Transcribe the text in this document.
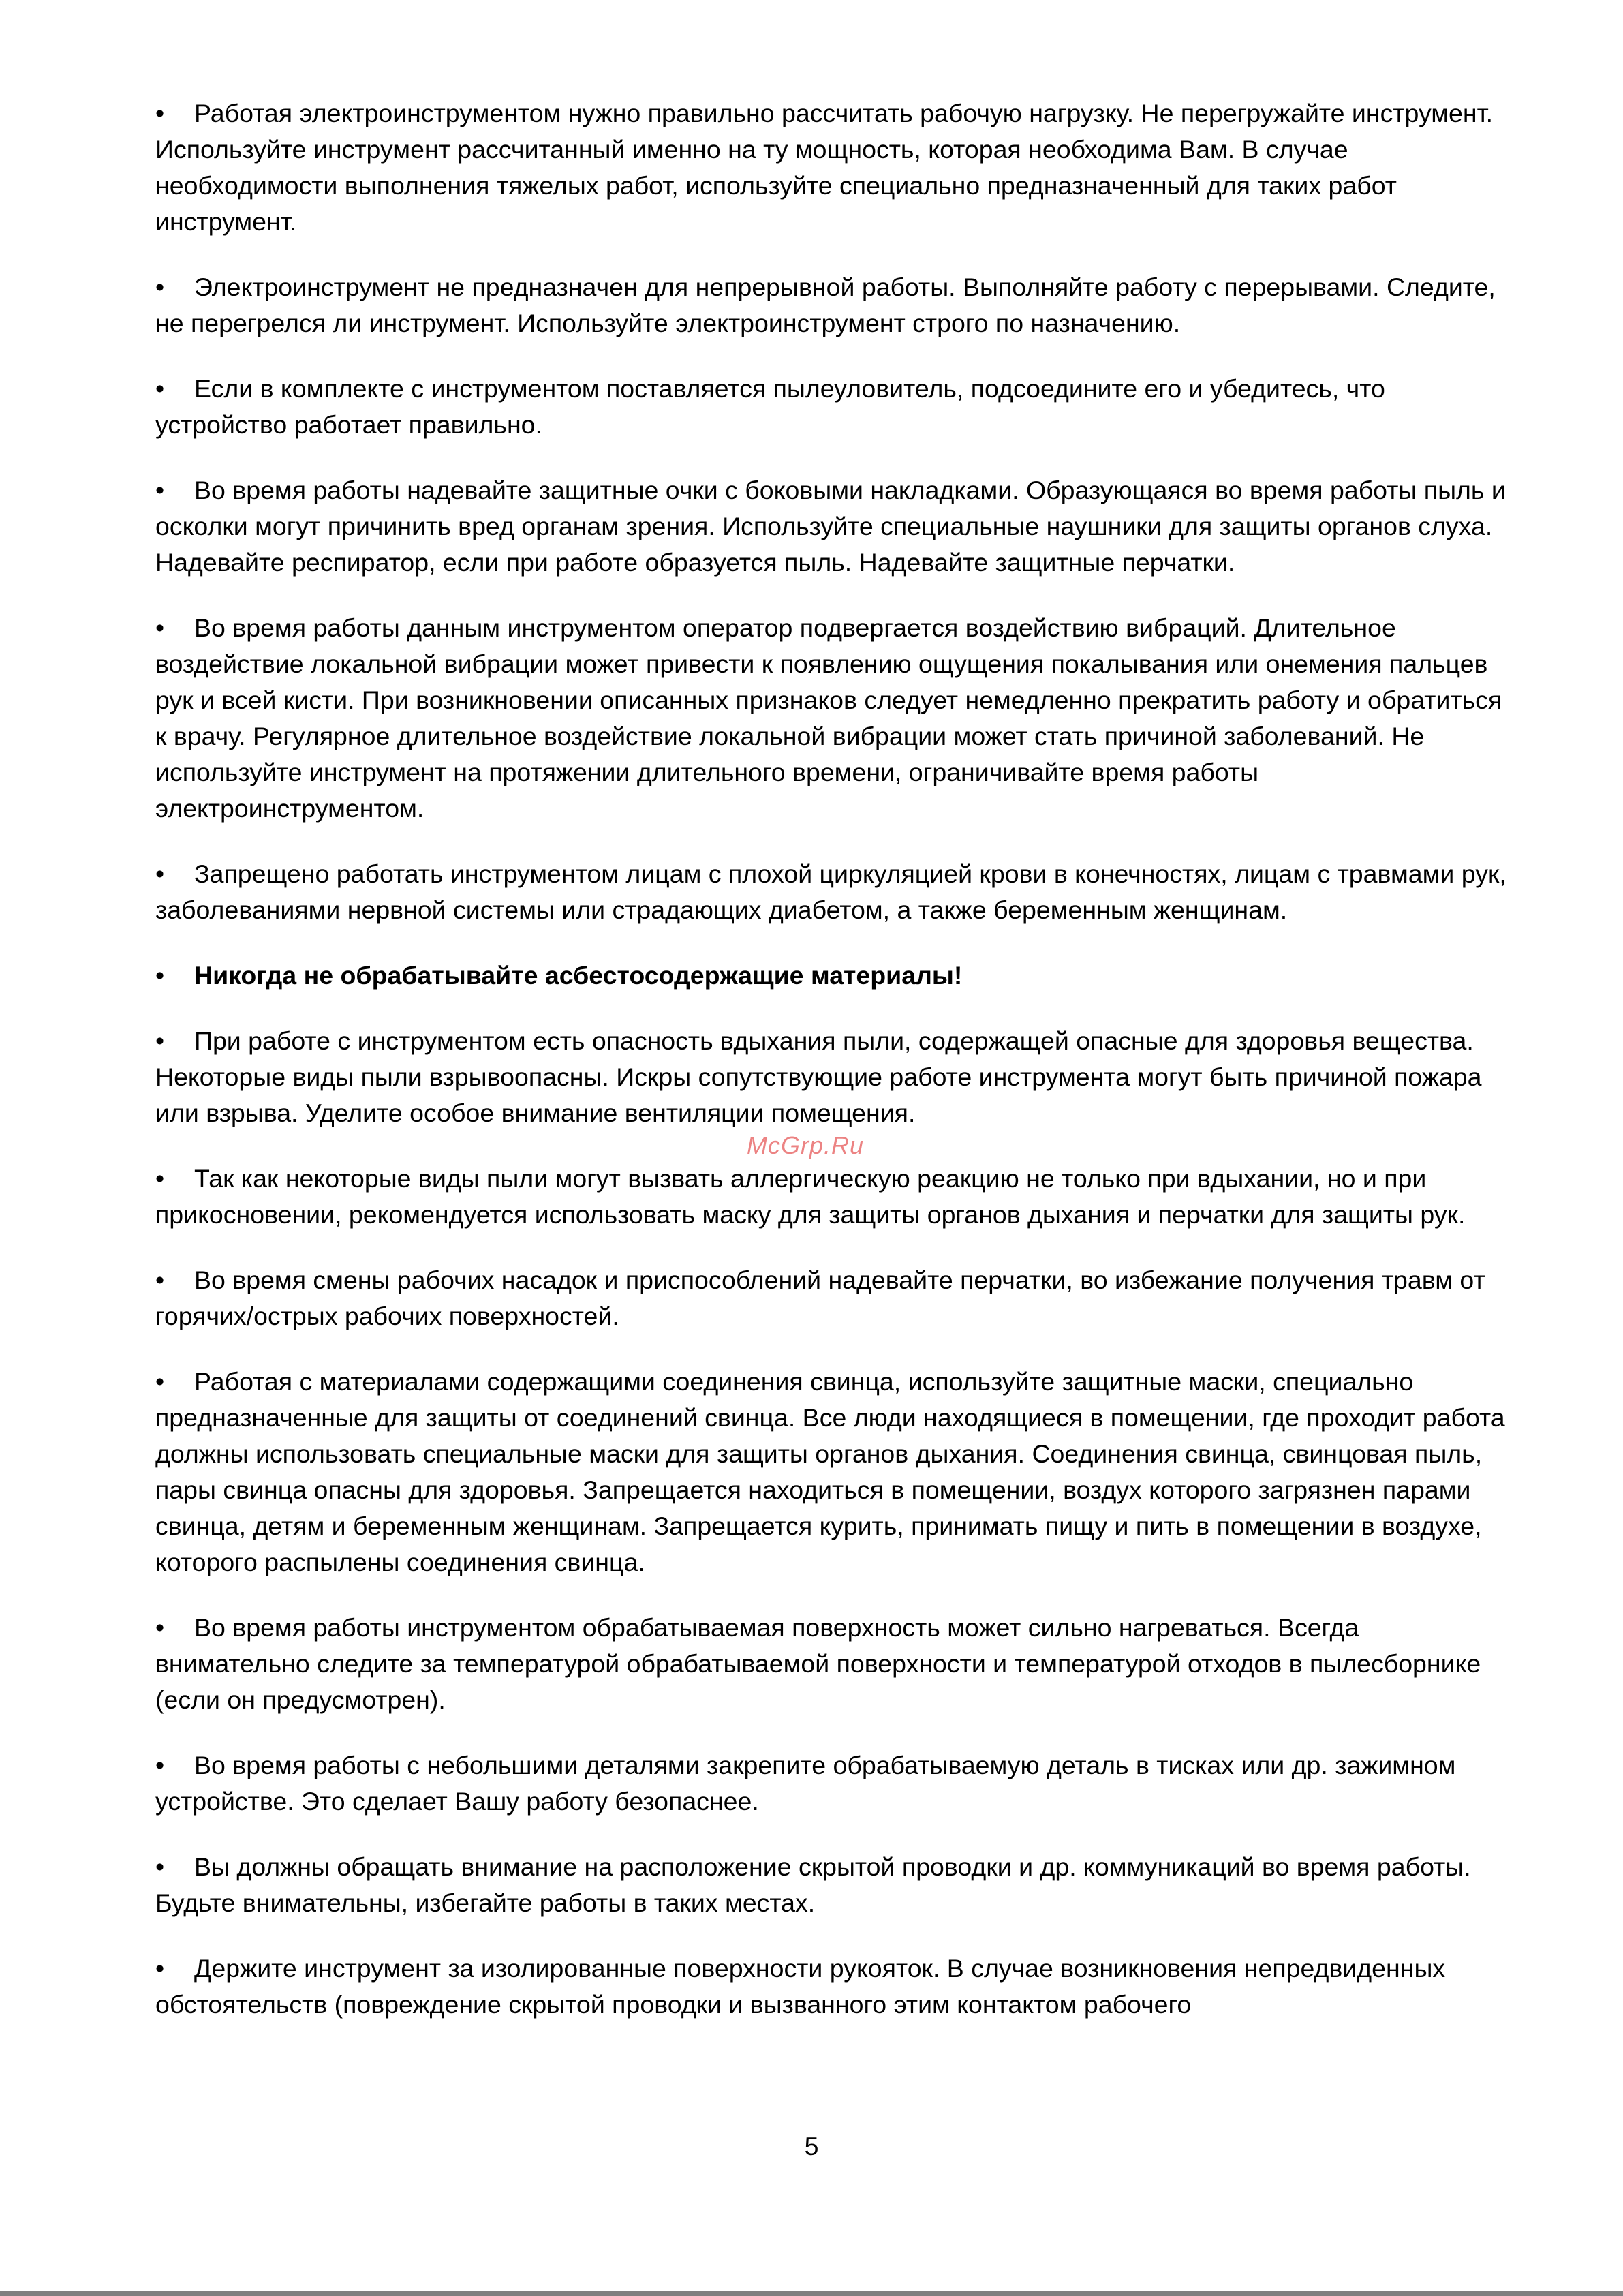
• Работая электроинструментом нужно правильно рассчитать рабочую нагрузку. Не перегружайте инструмент. Используйте инструмент рассчитанный именно на ту мощность, которая необходима Вам. В случае необходимости выполнения тяжелых работ, используйте специально предназначенный для таких работ инструмент.
• Электроинструмент не предназначен для непрерывной работы. Выполняйте работу с перерывами. Следите, не перегрелся ли инструмент. Используйте электроинструмент строго по назначению.
• Если в комплекте с инструментом поставляется пылеуловитель, подсоедините его и убедитесь, что устройство работает правильно.
• Во время работы надевайте защитные очки с боковыми накладками. Образующаяся во время работы пыль и осколки могут причинить вред органам зрения. Используйте специальные наушники для защиты органов слуха. Надевайте респиратор, если при работе образуется пыль. Надевайте защитные перчатки.
• Во время работы данным инструментом оператор подвергается воздействию вибраций. Длительное воздействие локальной вибрации может привести к появлению ощущения покалывания или онемения пальцев рук и всей кисти. При возникновении описанных признаков следует немедленно прекратить работу и обратиться к врачу. Регулярное длительное воздействие локальной вибрации может стать причиной заболеваний. Не используйте инструмент на протяжении длительного времени, ограничивайте время работы электроинструментом.
• Запрещено работать инструментом лицам с плохой циркуляцией крови в конечностях, лицам с травмами рук, заболеваниями нервной системы или страдающих диабетом, а также беременным женщинам.
• Никогда не обрабатывайте асбестосодержащие материалы!
• При работе с инструментом есть опасность вдыхания пыли, содержащей опасные для здоровья вещества. Некоторые виды пыли взрывоопасны. Искры сопутствующие работе инструмента могут быть причиной пожара или взрыва. Уделите особое внимание вентиляции помещения.
• Так как некоторые виды пыли могут вызвать аллергическую реакцию не только при вдыхании, но и при прикосновении, рекомендуется использовать маску для защиты органов дыхания и перчатки для защиты рук.
• Во время смены рабочих насадок и приспособлений надевайте перчатки, во избежание получения травм от горячих/острых рабочих поверхностей.
• Работая с материалами содержащими соединения свинца, используйте защитные маски, специально предназначенные для защиты от соединений свинца. Все люди находящиеся в помещении, где проходит работа должны использовать специальные маски для защиты органов дыхания. Соединения свинца, свинцовая пыль, пары свинца опасны для здоровья. Запрещается находиться в помещении, воздух которого загрязнен парами свинца, детям и беременным женщинам. Запрещается курить, принимать пищу и пить в помещении в воздухе, которого распылены соединения свинца.
• Во время работы инструментом обрабатываемая поверхность может сильно нагреваться. Всегда внимательно следите за температурой обрабатываемой поверхности и температурой отходов в пылесборнике (если он предусмотрен).
• Во время работы с небольшими деталями закрепите обрабатываемую деталь в тисках или др. зажимном устройстве. Это сделает Вашу работу безопаснее.
• Вы должны обращать внимание на расположение скрытой проводки и др. коммуникаций во время работы. Будьте внимательны, избегайте работы в таких местах.
• Держите инструмент за изолированные поверхности рукояток. В случае возникновения непредвиденных обстоятельств (повреждение скрытой проводки и вызванного этим контактом рабочего
McGrp.Ru
5
